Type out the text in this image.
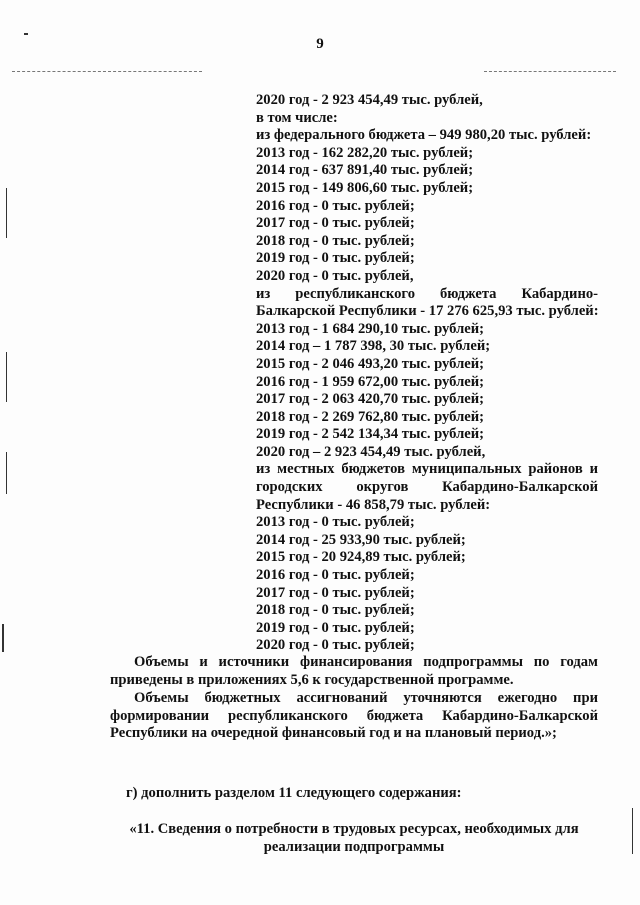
9
2020 год - 2 923 454,49 тыс. рублей,
в том числе:
из федерального бюджета – 949 980,20 тыс. рублей:
2013 год - 162 282,20 тыс. рублей;
2014 год - 637 891,40 тыс. рублей;
2015 год - 149 806,60 тыс. рублей;
2016 год - 0 тыс. рублей;
2017 год - 0 тыс. рублей;
2018 год - 0 тыс. рублей;
2019 год - 0 тыс. рублей;
2020 год - 0 тыс. рублей,
из республиканского бюджета Кабардино-
Балкарской Республики - 17 276 625,93 тыс. рублей:
2013 год - 1 684 290,10 тыс. рублей;
2014 год – 1 787 398, 30 тыс. рублей;
2015 год - 2 046 493,20 тыс. рублей;
2016 год - 1 959 672,00 тыс. рублей;
2017 год - 2 063 420,70 тыс. рублей;
2018 год - 2 269 762,80 тыс. рублей;
2019 год - 2 542 134,34 тыс. рублей;
2020 год – 2 923 454,49 тыс. рублей,
из местных бюджетов муниципальных районов и
городских округов Кабардино-Балкарской
Республики - 46 858,79 тыс. рублей:
2013 год - 0 тыс. рублей;
2014 год - 25 933,90 тыс. рублей;
2015 год - 20 924,89 тыс. рублей;
2016 год - 0 тыс. рублей;
2017 год - 0 тыс. рублей;
2018 год - 0 тыс. рублей;
2019 год - 0 тыс. рублей;
2020 год - 0 тыс. рублей;
Объемы и источники финансирования подпрограммы по годам
приведены в приложениях 5,6 к государственной программе.
Объемы бюджетных ассигнований уточняются ежегодно при
формировании республиканского бюджета Кабардино-Балкарской
Республики на очередной финансовый год и на плановый период.»;
г) дополнить разделом 11 следующего содержания:
«11. Сведения о потребности в трудовых ресурсах, необходимых для
реализации подпрограммы
